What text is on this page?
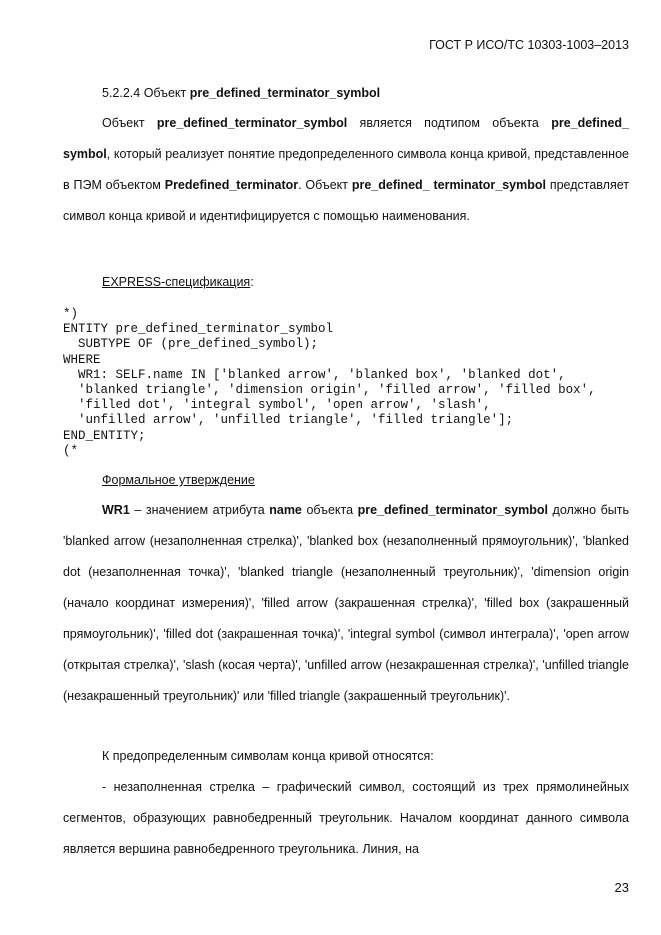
ГОСТ Р ИСО/ТС 10303-1003–2013
5.2.2.4 Объект pre_defined_terminator_symbol

Объект pre_defined_terminator_symbol является подтипом объекта pre_defined_ symbol, который реализует понятие предопределенного символа конца кривой, представленное в ПЭМ объектом Predefined_terminator. Объект pre_defined_ terminator_symbol представляет символ конца кривой и идентифицируется с помощью наименования.

EXPRESS-спецификация:
*)
ENTITY pre_defined_terminator_symbol
SUBTYPE OF (pre_defined_symbol);
WHERE
WR1: SELF.name IN ['blanked arrow', 'blanked box', 'blanked dot',
'blanked triangle', 'dimension origin', 'filled arrow', 'filled box',
'filled dot', 'integral symbol', 'open arrow', 'slash',
'unfilled arrow', 'unfilled triangle', 'filled triangle'];
END_ENTITY;
(*
Формальное утверждение

WR1 – значением атрибута name объекта pre_defined_terminator_symbol должно быть 'blanked arrow (незаполненная стрелка)', 'blanked box (незаполненный прямоугольник)', 'blanked dot (незаполненная точка)', 'blanked triangle (незаполненный треугольник)', 'dimension origin (начало координат измерения)', 'filled arrow (закрашенная стрелка)', 'filled box (закрашенный прямоугольник)', 'filled dot (закрашенная точка)', 'integral symbol (символ интеграла)', 'open arrow (открытая стрелка)', 'slash (косая черта)', 'unfilled arrow (незакрашенная стрелка)', 'unfilled triangle (незакрашенный треугольник)' или 'filled triangle (закрашенный треугольник)'.

К предопределенным символам конца кривой относятся:

- незаполненная стрелка – графический символ, состоящий из трех прямолинейных сегментов, образующих равнобедренный треугольник. Началом координат данного символа является вершина равнобедренного треугольника. Линия, на

23
